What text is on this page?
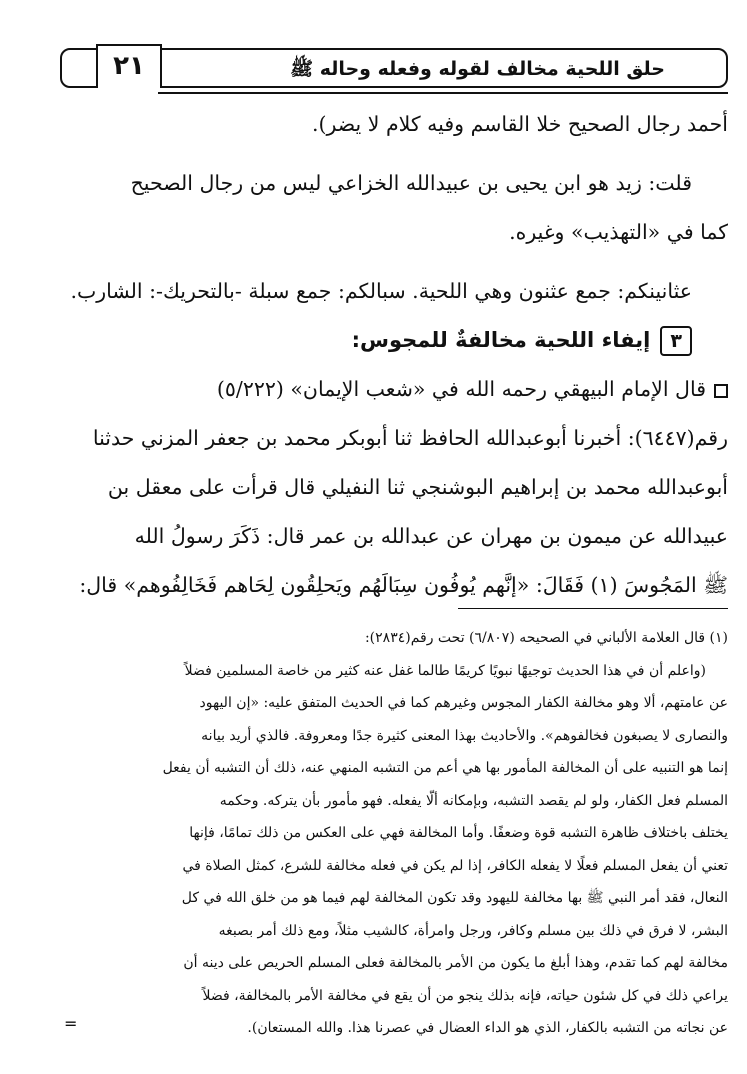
٢١	حلق اللحية مخالف لقوله وفعله وحاله ﷺ
أحمد رجال الصحيح خلا القاسم وفيه كلام لا يضر).
قلت: زيد هو ابن يحيى بن عبيدالله الخزاعي ليس من رجال الصحيح
كما في «التهذيب» وغيره.
عثانينكم: جمع عثنون وهي اللحية. سبالكم: جمع سبلة -بالتحريك-: الشارب.
٣إيفاء اللحية مخالفةٌ للمجوس:
قال الإمام البيهقي رحمه الله في «شعب الإيمان» (٥/٢٢٢)
رقم(٦٤٤٧): أخبرنا أبوعبدالله الحافظ ثنا أبوبكر محمد بن جعفر المزني حدثنا
أبوعبدالله محمد بن إبراهيم البوشنجي ثنا النفيلي قال قرأت على معقل بن
عبيدالله عن ميمون بن مهران عن عبدالله بن عمر قال: ذَكَرَ رسولُ الله
ﷺ المَجُوسَ (١) فَقَالَ: «إنَّهم يُوفُون سِبَالَهُم ويَحلِقُون لِحَاهم فَخَالِفُوهم» قال:
(١) قال العلامة الألباني في الصحيحه (٦/٨٠٧) تحت رقم(٢٨٣٤):
(واعلم أن في هذا الحديث توجيهًا نبويًا كريمًا طالما غفل عنه كثير من خاصة المسلمين فضلاً
عن عامتهم، ألا وهو مخالفة الكفار المجوس وغيرهم كما في الحديث المتفق عليه: «إن اليهود
والنصارى لا يصبغون فخالفوهم». والأحاديث بهذا المعنى كثيرة جدًا ومعروفة. فالذي أريد بيانه
إنما هو التنبيه على أن المخالفة المأمور بها هي أعم من التشبه المنهي عنه، ذلك أن التشبه أن يفعل
المسلم فعل الكفار، ولو لم يقصد التشبه، وبإمكانه ألّا يفعله. فهو مأمور بأن يتركه. وحكمه
يختلف باختلاف ظاهرة التشبه قوة وضعفًا. وأما المخالفة فهي على العكس من ذلك تمامًا، فإنها
تعني أن يفعل المسلم فعلًا لا يفعله الكافر، إذا لم يكن في فعله مخالفة للشرع، كمثل الصلاة في
النعال، فقد أمر النبي ﷺ بها مخالفة لليهود وقد تكون المخالفة لهم فيما هو من خلق الله في كل
البشر، لا فرق في ذلك بين مسلم وكافر، ورجل وامرأة، كالشيب مثلاً، ومع ذلك أمر بصبغه
مخالفة لهم كما تقدم، وهذا أبلغ ما يكون من الأمر بالمخالفة فعلى المسلم الحريص على دينه أن
يراعي ذلك في كل شئون حياته، فإنه بذلك ينجو من أن يقع في مخالفة الأمر بالمخالفة، فضلاً
عن نجاته من التشبه بالكفار، الذي هو الداء العضال في عصرنا هذا. والله المستعان).
=
